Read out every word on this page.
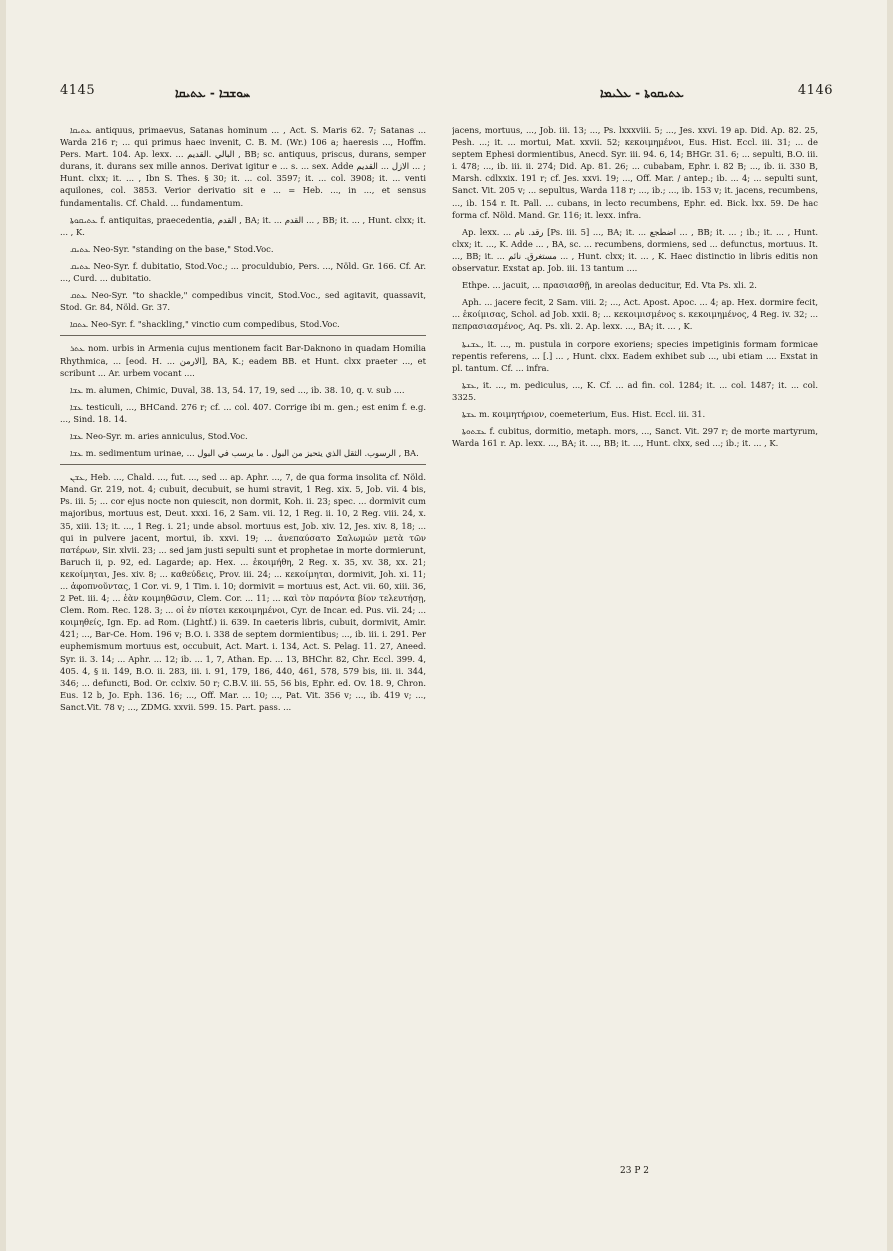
4145	ܚܘܫܒܐ - ܥܬܝܩܐ	ܥܬܝܩܘܬܐ - ܥܠܝܡܐ	4146

ܥܬܝܩܐ antiquus, primaevus, Satanas hominum ... , Act. S. Maris 62. 7; Satanas ... Warda 216 r; ... qui primus haec invenit, C. B. M. (Wr.) 106 a; haeresis ..., Hoffm. Pers. Mart. 104. Ap. lexx. ... البالي .القديم , BB; sc. antiquus, priscus, durans, semper durans, it. durans sex mille annos. Derivat igitur e ... s. ... sex. Adde الازل ... القديم ... ; Hunt. clxx; it. ... , Ibn S. Thes. § 30; it. ... col. 3597; it. ... col. 3908; it. ... venti aquilones, col. 3853. Verior derivatio sit e ... = Heb. ..., in ..., et sensus fundamentalis. Cf. Chald. ... fundamentum.

ܥܬܝܩܘܬܐ f. antiquitas, praecedentia, القدم , BA; it. ... القدم ... , BB; it. ... , Hunt. clxx; it. ... , K.

ܥܬܝܩ Neo-Syr. "standing on the base," Stod.Voc.

ܥܬܝܩ Neo-Syr. f. dubitatio, Stod.Voc.; ... proculdubio, Pers. ..., Nöld. Gr. 166. Cf. Ar. ..., Curd. ... dubitatio.

ܥܬܩ Neo-Syr. "to shackle," compedibus vincit, Stod.Voc., sed agitavit, quassavit, Stod. Gr. 84, Nöld. Gr. 37.

ܥܬܩܐ Neo-Syr. f. "shackling," vinctio cum compedibus, Stod.Voc.

ܥܬܪ nom. urbis in Armenia cujus mentionem facit Bar-Daknono in quadam Homilia Rhythmica, ... [eod. H. ... الارمن], BA, K.; eadem BB. et Hunt. clxx praeter ..., et scribunt ... Ar. urbem vocant ....

ܥܫܐ m. alumen, Chimic, Duval, 38. 13, 54. 17, 19, sed ..., ib. 38. 10, q. v. sub ....

ܥܫܐ testiculi, ..., BHCand. 276 r; cf. ... col. 407. Corrige ibi m. gen.; est enim f. e.g. ..., Sind. 18. 14.

ܥܫܐ Neo-Syr. m. aries anniculus, Stod.Voc.

ܥܫܐ m. sedimentum urinae, ... الرسوب. الثقل الذي يتحيز من البول . ما يرسب في البول , BA.

ܥܫܢ, Heb. ..., Chald. ..., fut. ..., sed ... ap. Aphr. ..., 7, de qua forma insolita cf. Nöld. Mand. Gr. 219, not. 4; cubuit, decubuit, se humi stravit, 1 Reg. xix. 5, Job. vii. 4 bis, Ps. iii. 5; ... cor ejus nocte non quiescit, non dormit, Koh. ii. 23; spec. ... dormivit cum majoribus, mortuus est, Deut. xxxi. 16, 2 Sam. vii. 12, 1 Reg. ii. 10, 2 Reg. viii. 24, x. 35, xiii. 13; it. ..., 1 Reg. i. 21; unde absol. mortuus est, Job. xiv. 12, Jes. xiv. 8, 18; ... qui in pulvere jacent, mortui, ib. xxvi. 19; ... ἀνεπαύσατο Σαλωμών μετὰ τῶν πατέρων, Sir. xlvii. 23; ... sed jam justi sepulti sunt et prophetae in morte dormierunt, Baruch ii, p. 92, ed. Lagarde; ap. Hex. ... ἐκοιμήθη, 2 Reg. x. 35, xv. 38, xx. 21; κεκοίμηται, Jes. xiv. 8; ... καθεύδεις, Prov. iii. 24; ... κεκοίμηται, dormivit, Joh. xi. 11; ... ἀφοπνοῦντας, 1 Cor. vi. 9, 1 Tim. i. 10; dormivit = mortuus est, Act. vii. 60, xiii. 36, 2 Pet. iii. 4; ... ἐὰν κοιμηθῶσιν, Clem. Cor. ... 11; ... καὶ τὸν παρόντα βίον τελευτήσῃ, Clem. Rom. Rec. 128. 3; ... οἱ ἐν πίστει κεκοιμημένοι, Cyr. de Incar. ed. Pus. vii. 24; ... κοιμηθείς, Ign. Ep. ad Rom. (Lightf.) ii. 639. In caeteris libris, cubuit, dormivit, Amir. 421; ..., Bar-Ce. Hom. 196 v; B.O. i. 338 de septem dormientibus; ..., ib. iii. i. 291. Per euphemismum mortuus est, occubuit, Act. Mart. i. 134, Act. S. Pelag. 11. 27, Aneed. Syr. ii. 3. 14; ... Aphr. ... 12; ib. ... 1, 7, Athan. Ep. ... 13, BHChr. 82, Chr. Eccl. 399. 4, 405. 4, § ii. 149, B.O. ii. 283, iii. i. 91, 179, 186, 440, 461, 578, 579 bis, iii. ii. 344, 346; ... defuncti, Bod. Or. cclxiv. 50 r; C.B.V. iii. 55, 56 bis, Ephr. ed. Ov. 18. 9, Chron. Eus. 12 b, Jo. Eph. 136. 16; ..., Off. Mar. ... 10; ..., Pat. Vit. 356 v; ..., ib. 419 v; ..., Sanct.Vit. 78 v; ..., ZDMG. xxvii. 599. 15. Part. pass. ...

jacens, mortuus, ..., Job. iii. 13; ..., Ps. lxxxviii. 5; ..., Jes. xxvi. 19 ap. Did. Ap. 82. 25, Pesh. ...; it. ... mortui, Mat. xxvii. 52; κεκοιμημένοι, Eus. Hist. Eccl. iii. 31; ... de septem Ephesi dormientibus, Anecd. Syr. iii. 94. 6, 14; BHGr. 31. 6; ... sepulti, B.O. iii. i. 478; ..., ib. iii. ii. 274; Did. Ap. 81. 26; ... cubabam, Ephr. i. 82 B; ..., ib. ii. 330 B, Marsh. cdlxxix. 191 r; cf. Jes. xxvi. 19; ..., Off. Mar. / antep.; ib. ... 4; ... sepulti sunt, Sanct. Vit. 205 v; ... sepultus, Warda 118 r; ..., ib.; ..., ib. 153 v; it. jacens, recumbens, ..., ib. 154 r. It. Pall. ... cubans, in lecto recumbens, Ephr. ed. Bick. lxx. 59. De hac forma cf. Nöld. Mand. Gr. 116; it. lexx. infra.

Ap. lexx. ... رقد. نام [Ps. iii. 5] ..., BA; it. ... اضطجع ... , BB; it. ... ; ib.; it. ... , Hunt. clxx; it. ..., K. Adde ... , BA, sc. ... recumbens, dormiens, sed ... defunctus, mortuus. It. ..., BB; it. ... مستغرق. نائم ... , Hunt. clxx; it. ... , K. Haec distinctio in libris editis non observatur. Exstat ap. Job. iii. 13 tantum ....

Ethpe. ... jacuit, ... πρασιασθῇ, in areolas deducitur, Ed. Vta Ps. xli. 2.

Aph. ... jacere fecit, 2 Sam. viii. 2; ..., Act. Apost. Apoc. ... 4; ap. Hex. dormire fecit, ... ἐκοίμισας, Schol. ad Job. xxii. 8; ... κεκοιμισμένος s. κεκοιμημένος, 4 Reg. iv. 32; ... πεπρασιασμένος, Aq. Ps. xli. 2. Ap. lexx. ..., BA; it. ... , K.

ܥܫܢܬܐ, it. ..., m. pustula in corpore exoriens; species impetiginis formam formicae repentis referens, ... [.] ... , Hunt. clxx. Eadem exhibet sub ..., ubi etiam .... Exstat in pl. tantum. Cf. ... infra.

ܥܫܬܐ, it. ..., m. pediculus, ..., K. Cf. ... ad fin. col. 1284; it. ... col. 1487; it. ... col. 3325.

ܥܫܬܐ m. κοιμητήριον, coemeterium, Eus. Hist. Eccl. iii. 31.

ܥܫܬܘܬܐ f. cubitus, dormitio, metaph. mors, ..., Sanct. Vit. 297 r; de morte martyrum, Warda 161 r. Ap. lexx. ..., BA; it. ..., BB; it. ..., Hunt. clxx, sed ...; ib.; it. ... , K.

23 P 2
